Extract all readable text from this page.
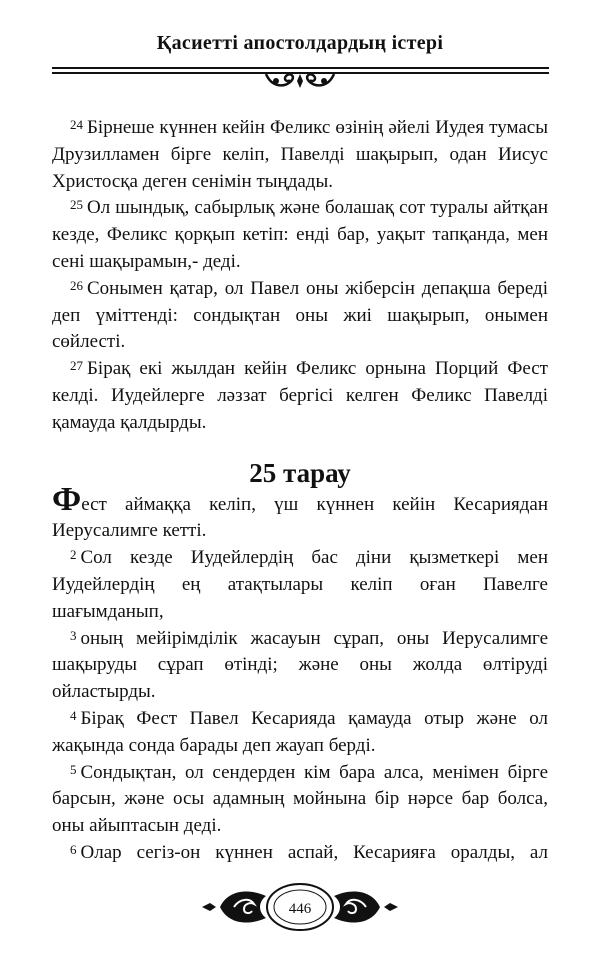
Қасиетті апостолдардың істері

$^{24}$ Бірнеше күннен кейін Феликс өзінің әйелі Иудея тумасы Друзилламен бірге келіп, Павелді шақырып, одан Иисус Христосқа деген сенімін тыңдады.

$^{25}$ Ол шындық, сабырлық және болашақ сот туралы айтқан кезде, Феликс қорқып кетіп: енді бар, уақыт тапқанда, мен сені шақырамын,- деді.

$^{26}$ Сонымен қатар, ол Павел оны жіберсін депақша береді деп үміттенді: сондықтан оны жиі шақырып, онымен сөйлесті.

$^{27}$ Бірақ екі жылдан кейін Феликс орнына Порций Фест келді. Иудейлерге ләззат бергісі келген Феликс Павелді қамауда қалдырды.

25 тарау

Фест аймаққа келіп, үш күннен кейін Кесариядан Иерусалимге кетті.

$^2$ Сол кезде Иудейлердің бас діни қызметкері мен Иудейлердің ең атақтылары келіп оған Павелге шағымданып,

$^3$ оның мейірімділік жасауын сұрап, оны Иерусалимге шақыруды сұрап өтінді; және оны жолда өлтіруді ойластырды.

$^4$ Бірақ Фест Павел Кесарияда қамауда отыр және ол жақында сонда барады деп жауап берді.

$^5$ Сондықтан, ол сендерден кім бара алса, менімен бірге барсын, және осы адамның мойнына бір нәрсе бар болса, оны айыптасын деді.

$^6$ Олар сегіз-он күннен аспай, Кесарияға оралды, ал

446
